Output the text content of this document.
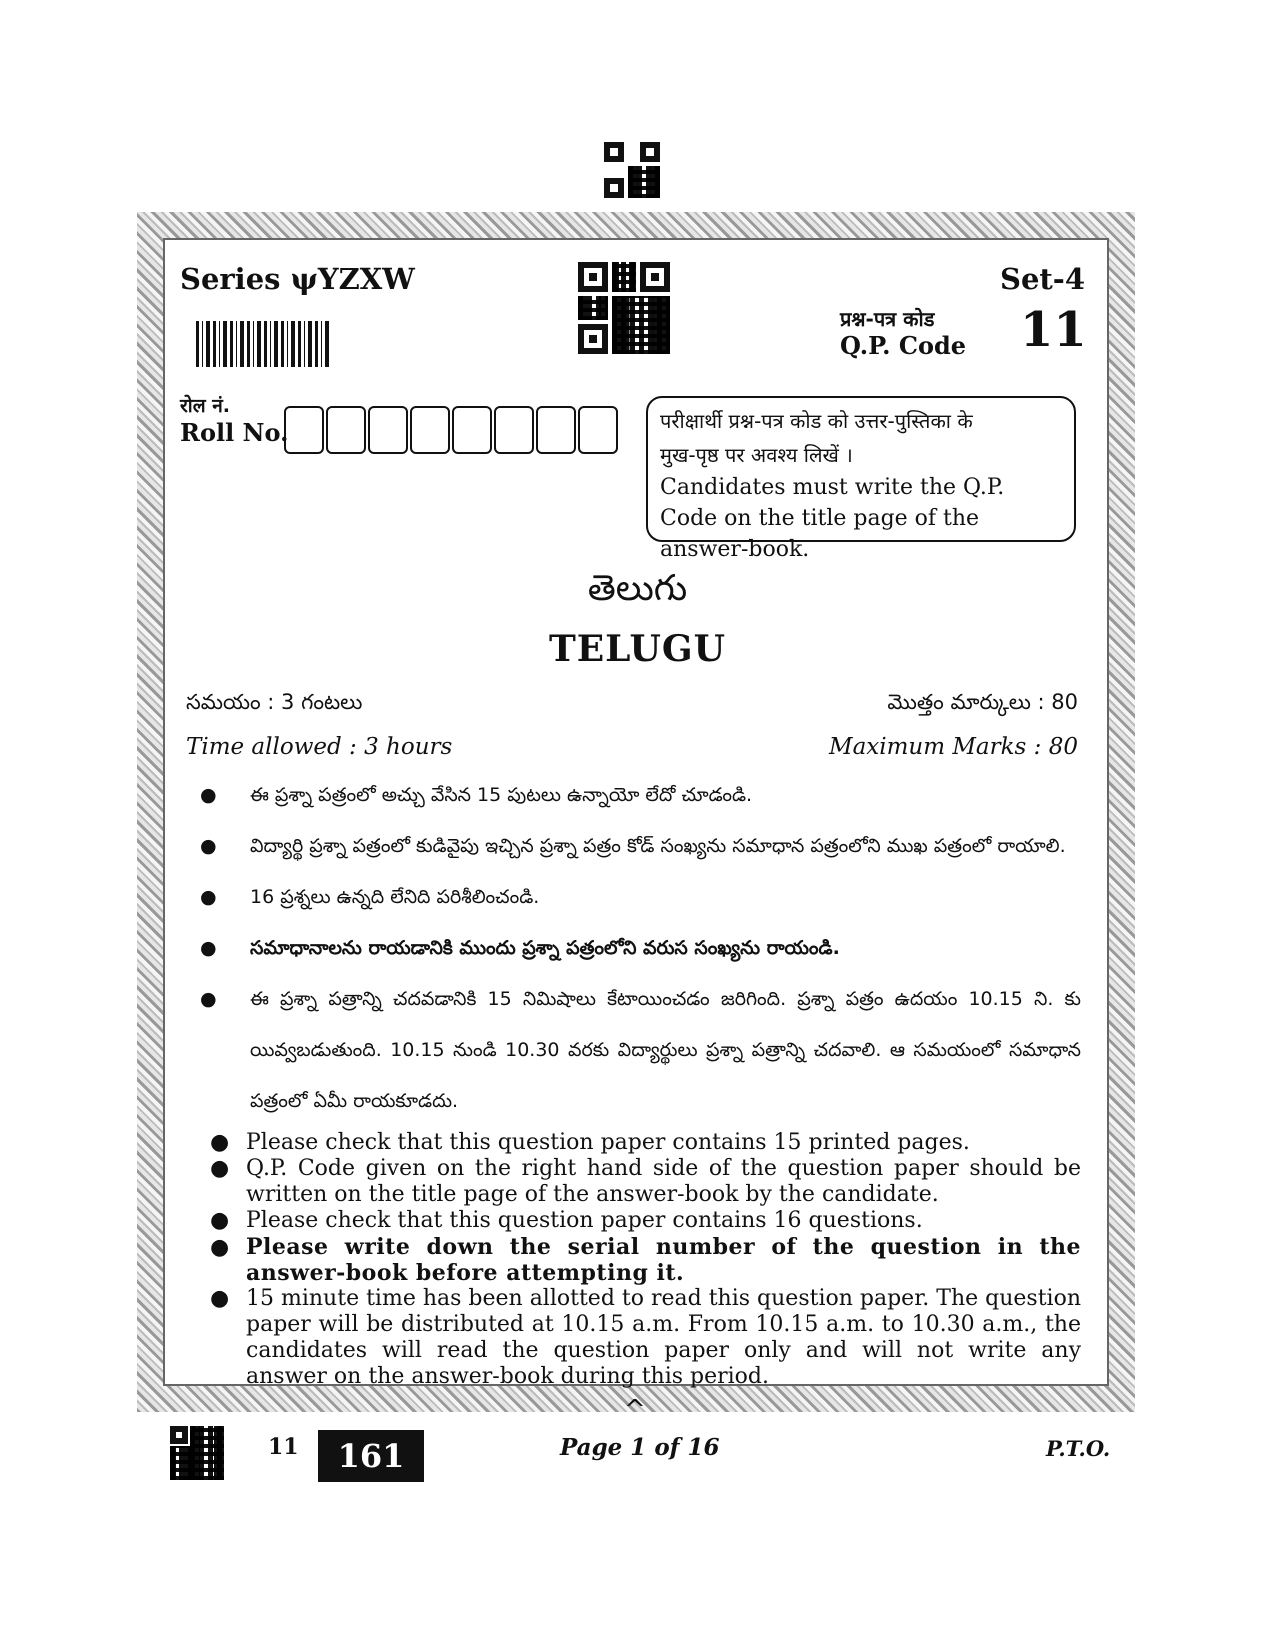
Series ψYZXW	Set-4
प्रश्न-पत्र कोड
Q.P. Code 11
रोल नं.
Roll No.	परीक्षार्थी प्रश्न-पत्र कोड को उत्तर-पुस्तिका के
मुख-पृष्ठ पर अवश्य लिखें ।
Candidates must write the Q.P. Code on the title page of the answer-book.
తెలుగు
TELUGU
సమయం : 3 గంటలు	మొత్తం మార్కులు : 80
Time allowed : 3 hours	Maximum Marks : 80
● ఈ ప్రశ్నా పత్రంలో అచ్చు వేసిన 15 పుటలు ఉన్నాయో లేదో చూడండి.
● విద్యార్థి ప్రశ్నా పత్రంలో కుడివైపు ఇచ్చిన ప్రశ్నా పత్రం కోడ్ సంఖ్యను సమాధాన పత్రంలోని ముఖ పత్రంలో రాయాలి.
● 16 ప్రశ్నలు ఉన్నది లేనిది పరిశీలించండి.
● సమాధానాలను రాయడానికి ముందు ప్రశ్నా పత్రంలోని వరుస సంఖ్యను రాయండి.
● ఈ ప్రశ్నా పత్రాన్ని చదవడానికి 15 నిమిషాలు కేటాయించడం జరిగింది. ప్రశ్నా పత్రం ఉదయం 10.15 ని. కు యివ్వబడుతుంది. 10.15 నుండి 10.30 వరకు విద్యార్థులు ప్రశ్నా పత్రాన్ని చదవాలి. ఆ సమయంలో సమాధాన పత్రంలో ఏమీ రాయకూడదు.
● Please check that this question paper contains 15 printed pages.
● Q.P. Code given on the right hand side of the question paper should be written on the title page of the answer-book by the candidate.
● Please check that this question paper contains 16 questions.
● Please write down the serial number of the question in the answer-book before attempting it.
● 15 minute time has been allotted to read this question paper. The question paper will be distributed at 10.15 a.m. From 10.15 a.m. to 10.30 a.m., the candidates will read the question paper only and will not write any answer on the answer-book during this period.
^
11	161	Page 1 of 16	P.T.O.
